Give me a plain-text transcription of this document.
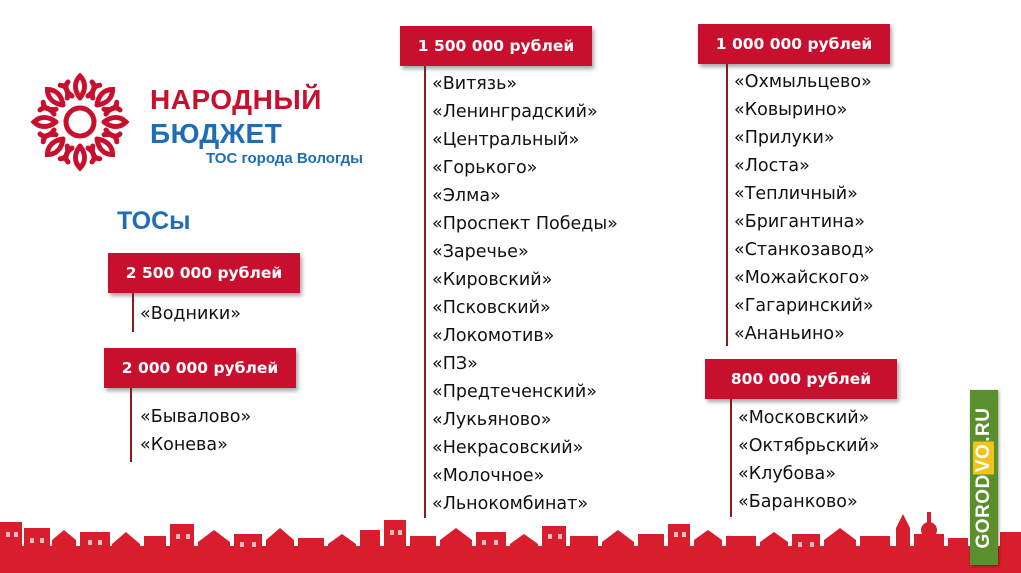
НАРОДНЫЙ
БЮДЖЕТ
ТОС города Вологды
ТОСы
2 500 000 рублей
«Водники»
2 000 000 рублей
«Бывалово»
«Конева»
1 500 000 рублей
«Витязь»
«Ленинградский»
«Центральный»
«Горького»
«Элма»
«Проспект Победы»
«Заречье»
«Кировский»
«Псковский»
«Локомотив»
«ПЗ»
«Предтеченский»
«Лукьяново»
«Некрасовский»
«Молочное»
«Льнокомбинат»
1 000 000 рублей
«Охмыльцево»
«Ковырино»
«Прилуки»
«Лоста»
«Тепличный»
«Бригантина»
«Станкозавод»
«Можайского»
«Гагаринский»
«Ананьино»
800 000 рублей
«Московский»
«Октябрьский»
«Клубова»
«Баранково»	GORODVO.RU
